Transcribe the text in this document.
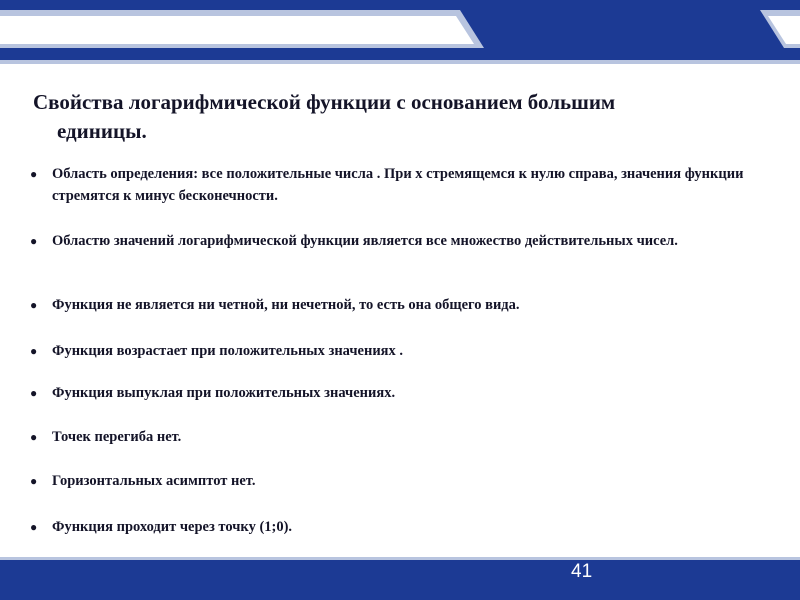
Свойства логарифмической функции с основанием большим
единицы.
●	Область определения: все положительные числа . При х стремящемся к нулю справа, значения функции стремятся к минус бесконечности.
●	Областю значений логарифмической функции является все множество действительных чисел.
●	Функция не является ни четной, ни нечетной, то есть она общего вида.
●	Функция возрастает при положительных значениях .
●	Функция выпуклая при положительных значениях.
●	Точек перегиба нет.
●	Горизонтальных асимптот нет.
●	Функция проходит через точку (1;0).
41
